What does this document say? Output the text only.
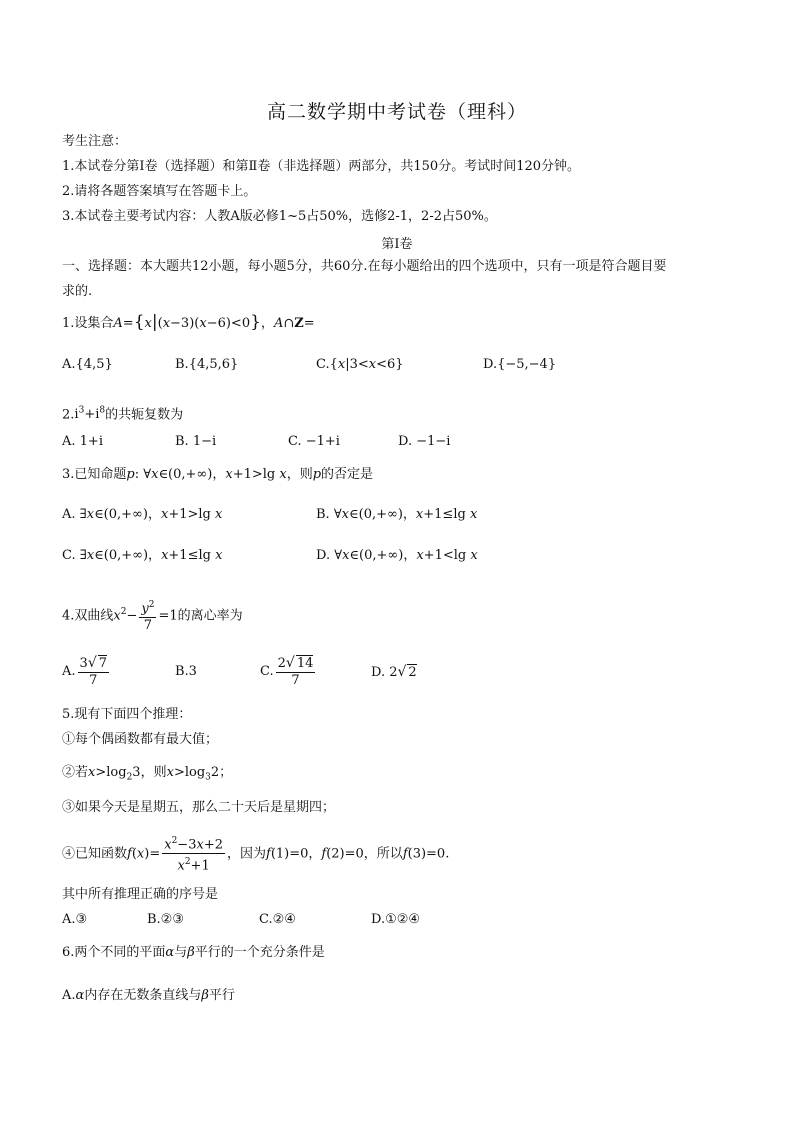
高二数学期中考试卷（理科）
考生注意：
1.本试卷分第Ⅰ卷（选择题）和第Ⅱ卷（非选择题）两部分，共150分。考试时间120分钟。
2.请将各题答案填写在答题卡上。
3.本试卷主要考试内容：人教A版必修1~5占50%，选修2-1，2-2占50%。
第Ⅰ卷
一、选择题：本大题共12小题，每小题5分，共60分.在每小题给出的四个选项中，只有一项是符合题目要
求的.
1.设集合A={x|(x−3)(x−6)<0}，A∩Z=
A.{4,5}	B.{4,5,6}	C.{x|3<x<6}	D.{−5,−4}
$2.i^3+i^8$的共轭复数为
A. 1+i	B. 1−i	C. −1+i	D. −1−i
3.已知命题p: ∀x∈(0,+∞)，x+1>lg x，则p的否定是
A. ∃x∈(0,+∞)，x+1>lg x	B. ∀x∈(0,+∞)，x+1≤lg x
C. ∃x∈(0,+∞)，x+1≤lg x	D. ∀x∈(0,+∞)，x+1<lg x
4.双曲线$x^2- \frac{y^2}{7} =1$的离心率为
A. $\frac{3√ 7}{7}$	B.3	C. $\frac{2√ 14}{7}$	D. 2√ 2
5.现有下面四个推理：
①每个偶函数都有最大值；
②若$x>\log_23$，则$x>\log_32$；
③如果今天是星期五，那么二十天后是星期四；
④已知函数$f(x)= \frac{x^2-3x+2}{x^2+1}$ ，因为f(1)=0，f(2)=0，所以f(3)=0.
其中所有推理正确的序号是
A.③	B.②③	C.②④	D.①②④
6.两个不同的平面α与β平行的一个充分条件是
A.α内存在无数条直线与β平行
